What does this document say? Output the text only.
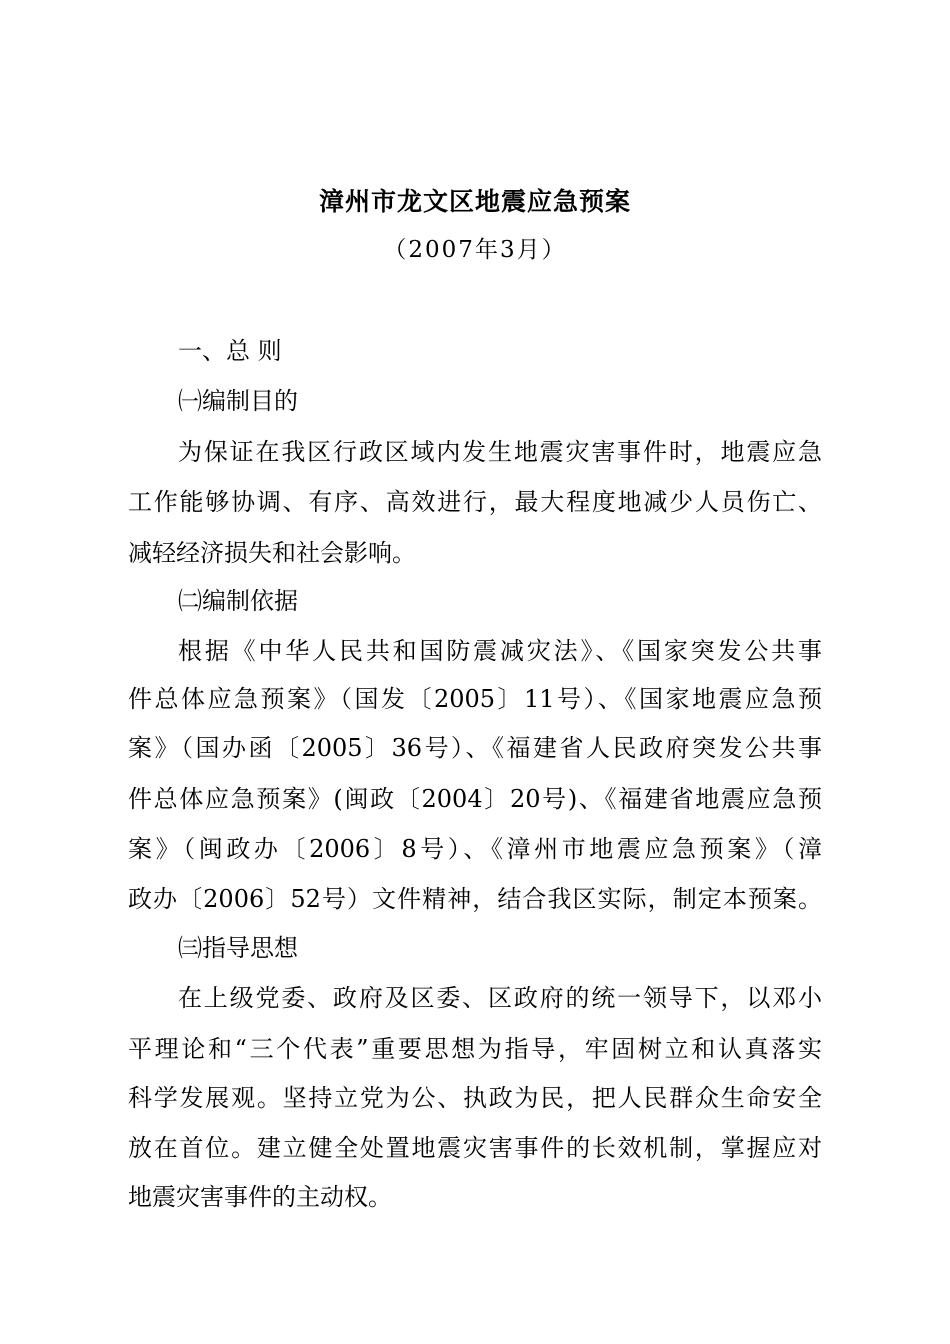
漳州市龙文区地震应急预案
（2007年3月）
一、总 则
㈠编制目的
为保证在我区行政区域内发生地震灾害事件时，地震应急
工作能够协调、有序、高效进行，最大程度地减少人员伤亡、
减轻经济损失和社会影响。
㈡编制依据
根据《中华人民共和国防震减灾法》、《国家突发公共事
件总体应急预案》（国发〔2005〕11号）、《国家地震应急预
案》（国办函〔2005〕36号）、《福建省人民政府突发公共事
件总体应急预案》(闽政〔2004〕20号)、《福建省地震应急预
案》（闽政办〔2006〕8号）、《漳州市地震应急预案》（漳
政办〔2006〕52号）文件精神，结合我区实际，制定本预案。
㈢指导思想
在上级党委、政府及区委、区政府的统一领导下，以邓小
平理论和“三个代表”重要思想为指导，牢固树立和认真落实
科学发展观。坚持立党为公、执政为民，把人民群众生命安全
放在首位。建立健全处置地震灾害事件的长效机制，掌握应对
地震灾害事件的主动权。
